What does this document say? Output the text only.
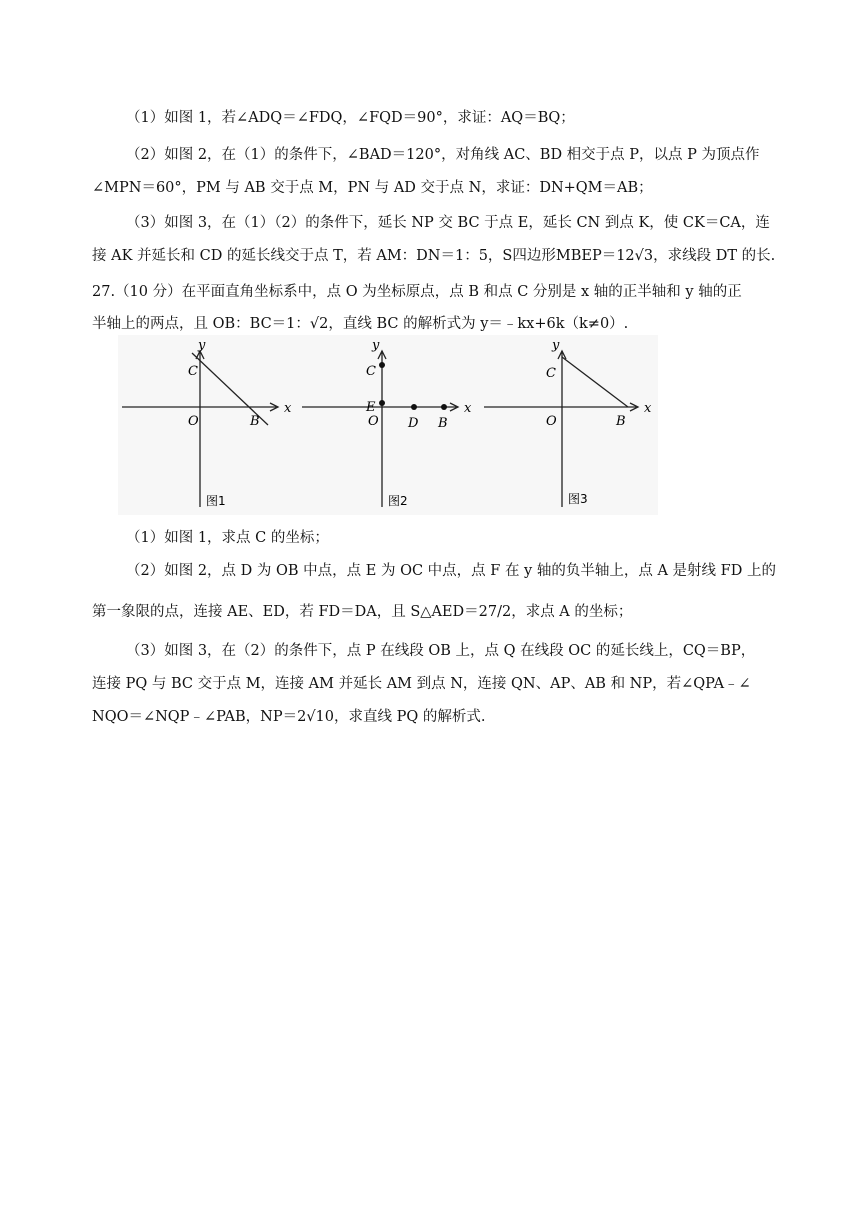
（1）如图 1，若∠ADQ＝∠FDQ，∠FQD＝90°，求证：AQ＝BQ；
（2）如图 2，在（1）的条件下，∠BAD＝120°，对角线 AC、BD 相交于点 P，以点 P 为顶点作
∠MPN＝60°，PM 与 AB 交于点 M，PN 与 AD 交于点 N，求证：DN+QM＝AB；
（3）如图 3，在（1）（2）的条件下，延长 NP 交 BC 于点 E，延长 CN 到点 K，使 CK＝CA，连
接 AK 并延长和 CD 的延长线交于点 T，若 AM：DN＝1：5，S四边形MBEP＝12√3，求线段 DT 的长.
27.（10 分）在平面直角坐标系中，点 O 为坐标原点，点 B 和点 C 分别是 x 轴的正半轴和 y 轴的正
半轴上的两点，且 OB：BC＝1：√2，直线 BC 的解析式为 y＝﹣kx+6k（k≠0）.
y
x
C
O	B
图1
y
x
C
E
O D B
图2
y
x
C
O	B
图3
（1）如图 1，求点 C 的坐标；
（2）如图 2，点 D 为 OB 中点，点 E 为 OC 中点，点 F 在 y 轴的负半轴上，点 A 是射线 FD 上的
第一象限的点，连接 AE、ED，若 FD＝DA，且 S△AED＝27/2，求点 A 的坐标；
（3）如图 3，在（2）的条件下，点 P 在线段 OB 上，点 Q 在线段 OC 的延长线上，CQ＝BP，
连接 PQ 与 BC 交于点 M，连接 AM 并延长 AM 到点 N，连接 QN、AP、AB 和 NP，若∠QPA﹣∠
NQO＝∠NQP﹣∠PAB，NP＝2√10，求直线 PQ 的解析式.
